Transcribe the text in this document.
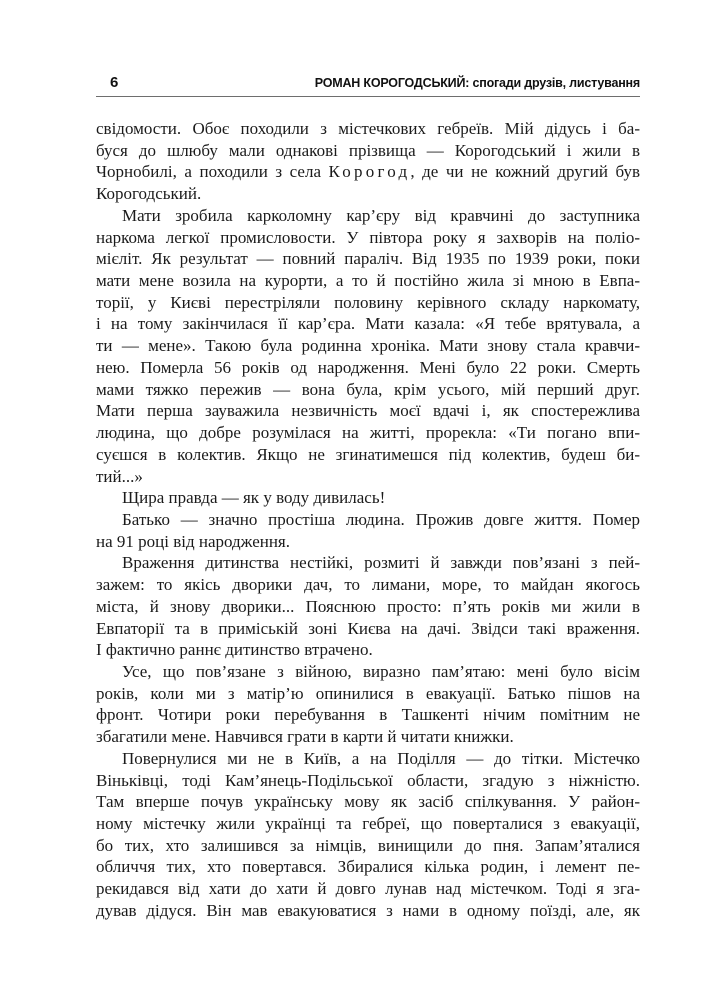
6	РОМАН КОРОГОДСЬКИЙ: спогади друзів, листування
свідомости. Обоє походили з містечкових гебреїв. Мій дідусь і ба-
буся до шлюбу мали однакові прізвища — Корогодський і жили в
Чорнобилі, а походили з села Корогод, де чи не кожний другий був
Корогодський.
Мати зробила карколомну кар’єру від кравчині до заступника
наркома легкої промисловости. У півтора року я захворів на поліо-
мієліт. Як результат — повний параліч. Від 1935 по 1939 роки, поки
мати мене возила на курорти, а то й постійно жила зі мною в Евпа-
торії, у Києві перестріляли половину керівного складу наркомату,
і на тому закінчилася її кар’єра. Мати казала: «Я тебе врятувала, а
ти — мене». Такою була родинна хроніка. Мати знову стала кравчи-
нею. Померла 56 років од народження. Мені було 22 роки. Смерть
мами тяжко пережив — вона була, крім усього, мій перший друг.
Мати перша зауважила незвичність моєї вдачі і, як спостережлива
людина, що добре розумілася на житті, прорекла: «Ти погано впи-
суєшся в колектив. Якщо не згинатимешся під колектив, будеш би-
тий...»
Щира правда — як у воду дивилась!
Батько — значно простіша людина. Прожив довге життя. Помер
на 91 році від народження.
Враження дитинства нестійкі, розмиті й завжди пов’язані з пей-
зажем: то якісь дворики дач, то лимани, море, то майдан якогось
міста, й знову дворики... Пояснюю просто: п’ять років ми жили в
Евпаторії та в приміській зоні Києва на дачі. Звідси такі враження.
І фактично раннє дитинство втрачено.
Усе, що пов’язане з війною, виразно пам’ятаю: мені було вісім
років, коли ми з матір’ю опинилися в евакуації. Батько пішов на
фронт. Чотири роки перебування в Ташкенті нічим помітним не
збагатили мене. Навчився грати в карти й читати книжки.
Повернулися ми не в Київ, а на Поділля — до тітки. Містечко
Віньківці, тоді Кам’янець-Подільської области, згадую з ніжністю.
Там вперше почув українську мову як засіб спілкування. У район-
ному містечку жили українці та гебреї, що поверталися з евакуації,
бо тих, хто залишився за німців, винищили до пня. Запам’яталися
обличчя тих, хто повертався. Збиралися кілька родин, і лемент пе-
рекидався від хати до хати й довго лунав над містечком. Тоді я зга-
дував дідуся. Він мав евакуюватися з нами в одному поїзді, але, як
